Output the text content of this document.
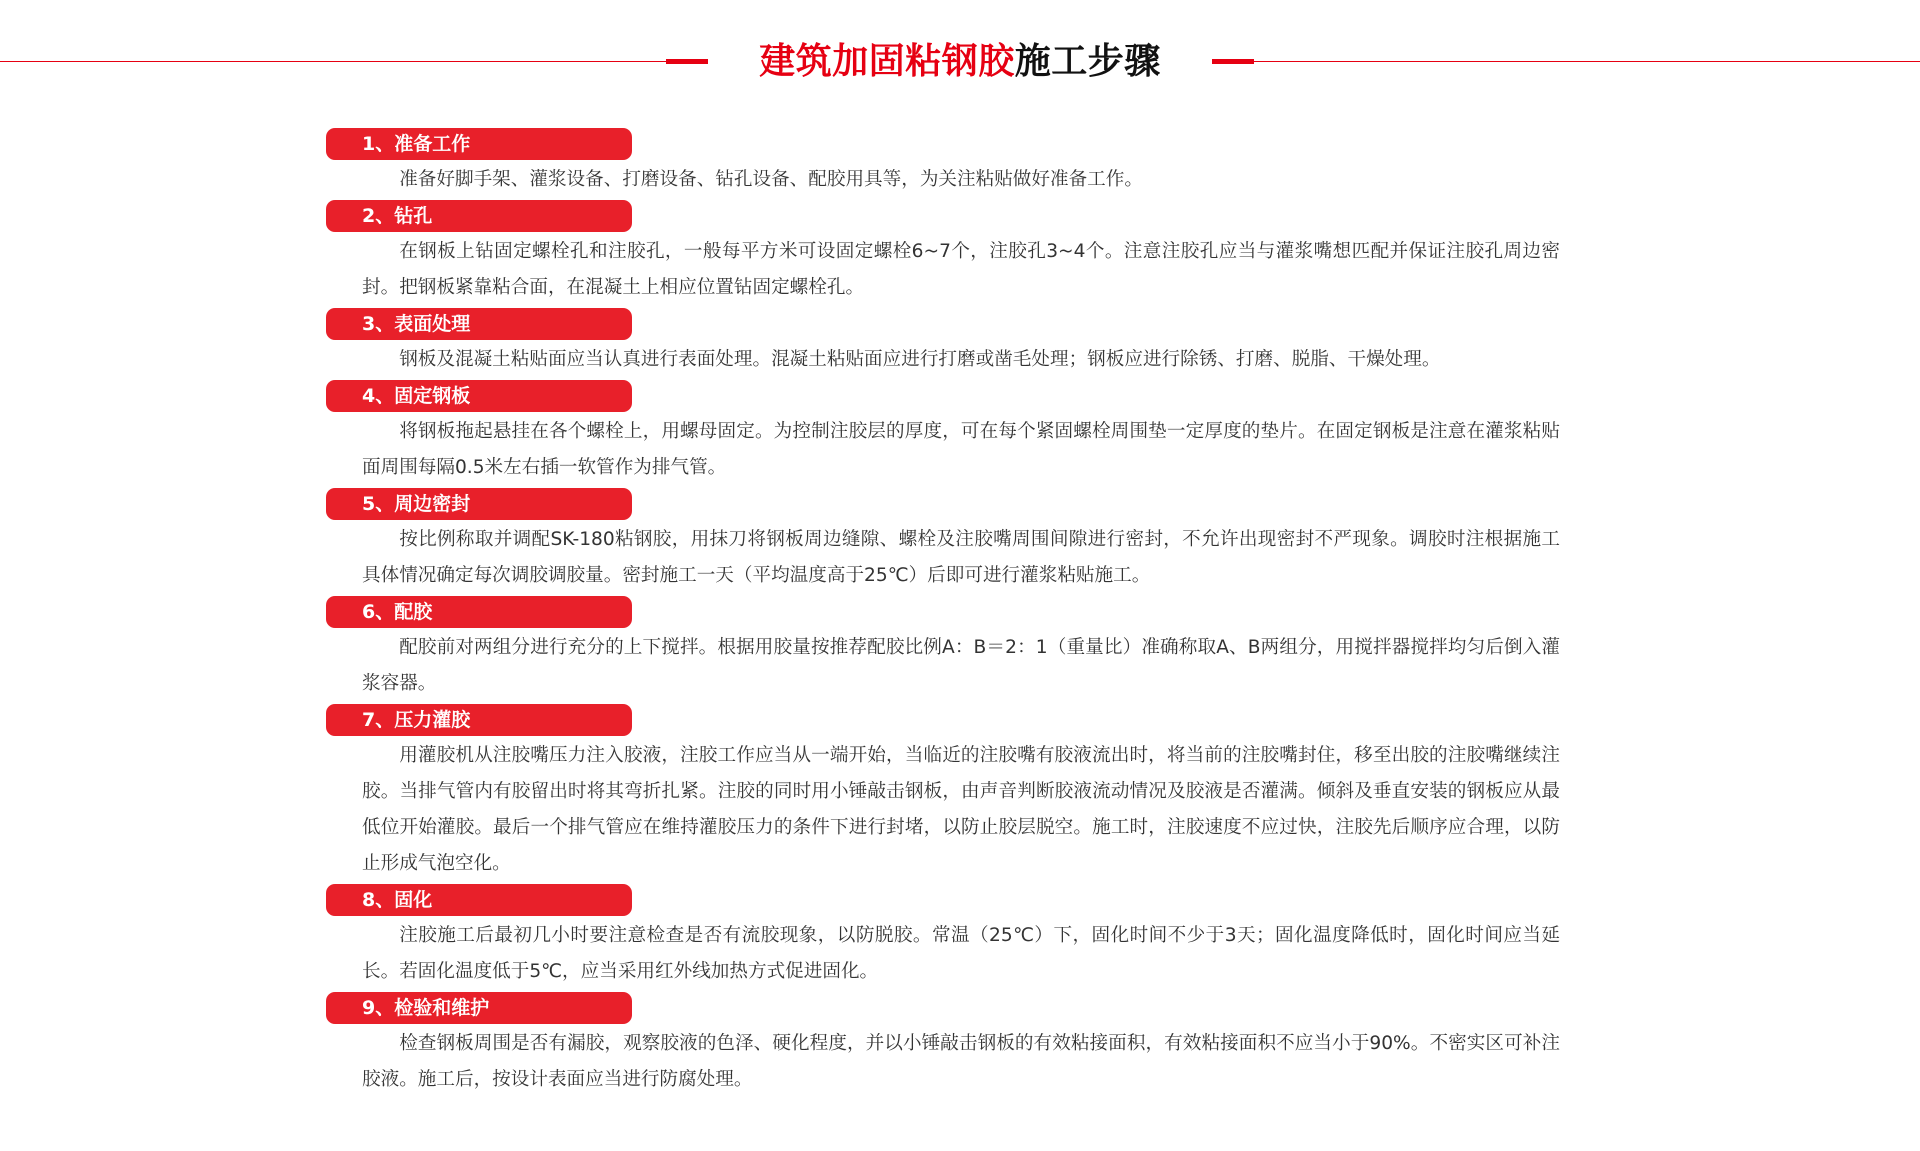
建筑加固粘钢胶施工步骤
1、准备工作

准备好脚手架、灌浆设备、打磨设备、钻孔设备、配胶用具等，为关注粘贴做好准备工作。

2、钻孔

在钢板上钻固定螺栓孔和注胶孔，一般每平方米可设固定螺栓6~7个，注胶孔3~4个。注意注胶孔应当与灌浆嘴想匹配并保证注胶孔周边密封。把钢板紧靠粘合面，在混凝土上相应位置钻固定螺栓孔。

3、表面处理

钢板及混凝土粘贴面应当认真进行表面处理。混凝土粘贴面应进行打磨或凿毛处理；钢板应进行除锈、打磨、脱脂、干燥处理。

4、固定钢板

将钢板拖起悬挂在各个螺栓上，用螺母固定。为控制注胶层的厚度，可在每个紧固螺栓周围垫一定厚度的垫片。在固定钢板是注意在灌浆粘贴面周围每隔0.5米左右插一软管作为排气管。

5、周边密封

按比例称取并调配SK-180粘钢胶，用抹刀将钢板周边缝隙、螺栓及注胶嘴周围间隙进行密封，不允许出现密封不严现象。调胶时注根据施工具体情况确定每次调胶调胶量。密封施工一天（平均温度高于25℃）后即可进行灌浆粘贴施工。

6、配胶

配胶前对两组分进行充分的上下搅拌。根据用胶量按推荐配胶比例A：B＝2：1（重量比）准确称取A、B两组分，用搅拌器搅拌均匀后倒入灌浆容器。

7、压力灌胶

用灌胶机从注胶嘴压力注入胶液，注胶工作应当从一端开始，当临近的注胶嘴有胶液流出时，将当前的注胶嘴封住，移至出胶的注胶嘴继续注胶。当排气管内有胶留出时将其弯折扎紧。注胶的同时用小锤敲击钢板，由声音判断胶液流动情况及胶液是否灌满。倾斜及垂直安装的钢板应从最低位开始灌胶。最后一个排气管应在维持灌胶压力的条件下进行封堵，以防止胶层脱空。施工时，注胶速度不应过快，注胶先后顺序应合理，以防止形成气泡空化。

8、固化

注胶施工后最初几小时要注意检查是否有流胶现象，以防脱胶。常温（25℃）下，固化时间不少于3天；固化温度降低时，固化时间应当延长。若固化温度低于5℃，应当采用红外线加热方式促进固化。

9、检验和维护

检查钢板周围是否有漏胶，观察胶液的色泽、硬化程度，并以小锤敲击钢板的有效粘接面积，有效粘接面积不应当小于90%。不密实区可补注胶液。施工后，按设计表面应当进行防腐处理。
